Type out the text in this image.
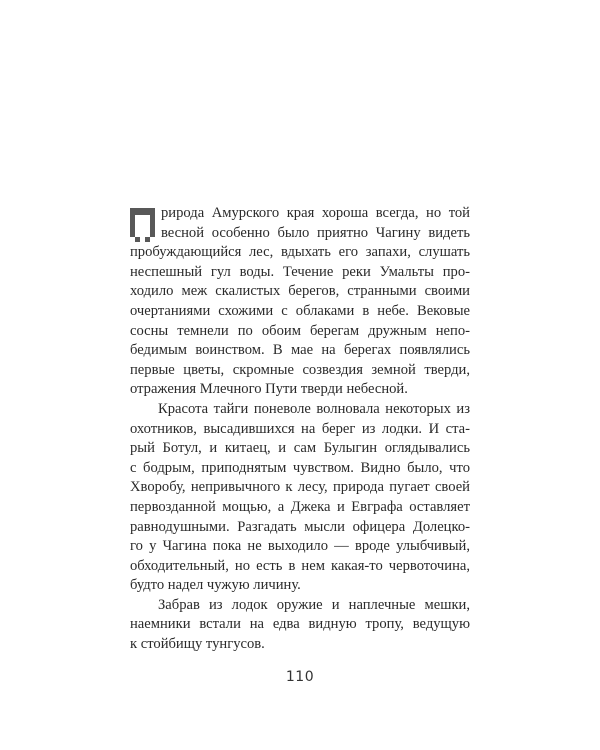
рирода Амурского края хороша всегда, но той
весной особенно было приятно Чагину видеть
пробуждающийся лес, вдыхать его запахи, слушать
неспешный гул воды. Течение реки Умальты про-
ходило меж скалистых берегов, странными своими
очертаниями схожими с облаками в небе. Вековые
сосны темнели по обоим берегам дружным непо-
бедимым воинством. В мае на берегах появлялись
первые цветы, скромные созвездия земной тверди,
отражения Млечного Пути тверди небесной.
Красота тайги поневоле волновала некоторых из
охотников, высадившихся на берег из лодки. И ста-
рый Ботул, и китаец, и сам Булыгин оглядывались
с бодрым, приподнятым чувством. Видно было, что
Хворобу, непривычного к лесу, природа пугает своей
первозданной мощью, а Джека и Евграфа оставляет
равнодушными. Разгадать мысли офицера Долецко-
го у Чагина пока не выходило — вроде улыбчивый,
обходительный, но есть в нем какая-то червоточина,
будто надел чужую личину.
Забрав из лодок оружие и наплечные мешки,
наемники встали на едва видную тропу, ведущую
к стойбищу тунгусов.
110
